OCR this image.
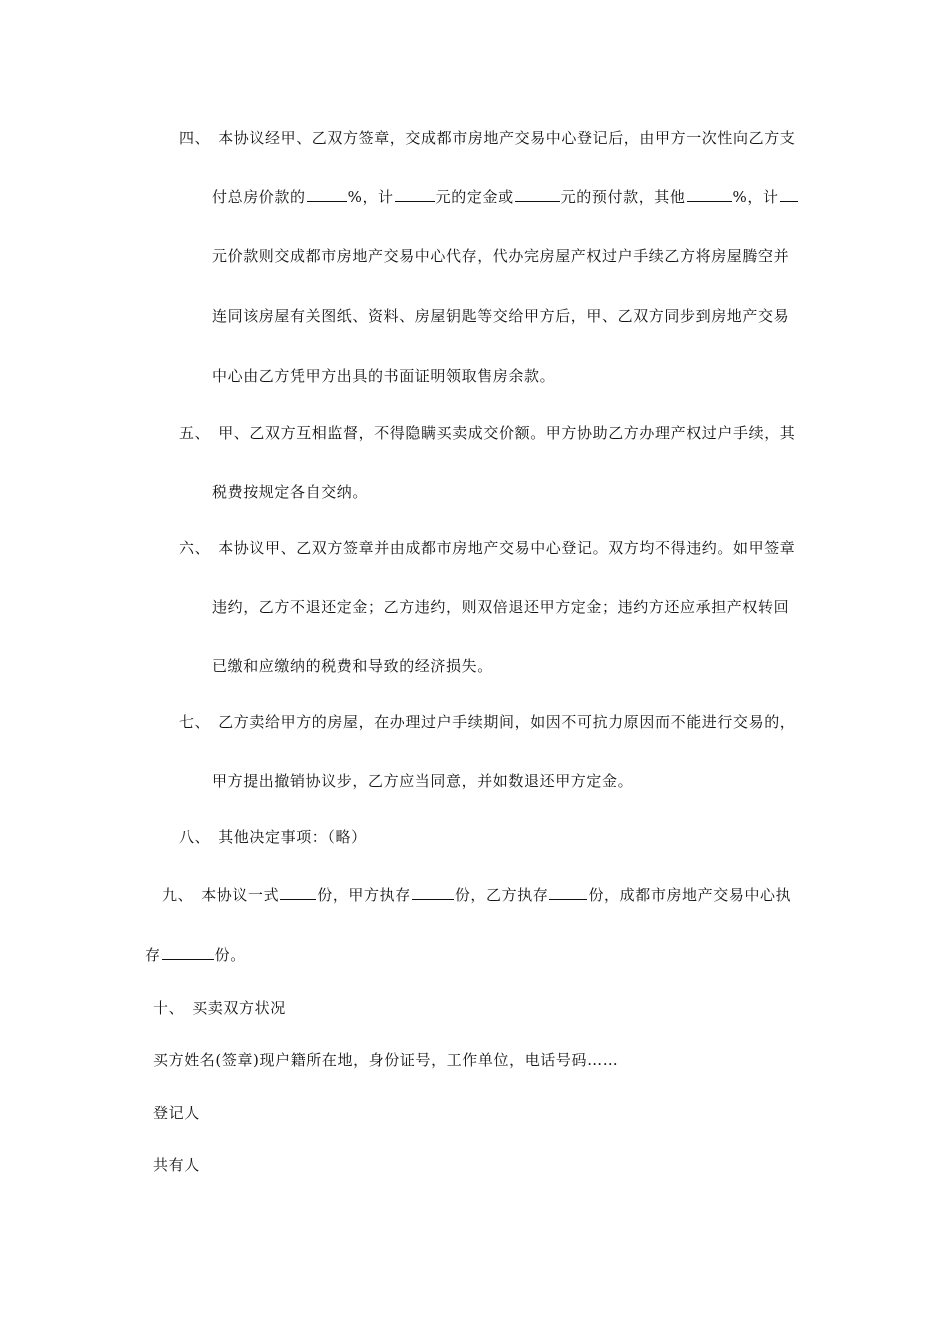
四、 本协议经甲、乙双方签章，交成都市房地产交易中心登记后，由甲方一次性向乙方支
付总房价款的	%，计	元的定金或	元的预付款，其他	%，计
元价款则交成都市房地产交易中心代存，代办完房屋产权过户手续乙方将房屋腾空并
连同该房屋有关图纸、资料、房屋钥匙等交给甲方后，甲、乙双方同步到房地产交易
中心由乙方凭甲方出具的书面证明领取售房余款。
五、 甲、乙双方互相监督，不得隐瞒买卖成交价额。甲方协助乙方办理产权过户手续，其
税费按规定各自交纳。
六、 本协议甲、乙双方签章并由成都市房地产交易中心登记。双方均不得违约。如甲签章
违约，乙方不退还定金；乙方违约，则双倍退还甲方定金；违约方还应承担产权转回
已缴和应缴纳的税费和导致的经济损失。
七、 乙方卖给甲方的房屋，在办理过户手续期间，如因不可抗力原因而不能进行交易的，
甲方提出撤销协议步，乙方应当同意，并如数退还甲方定金。
八、 其他决定事项：（略）
九、 本协议一式	份，甲方执存	份，乙方执存	份，成都市房地产交易中心执
存	份。
十、 买卖双方状况
买方姓名(签章)现户籍所在地，身份证号，工作单位，电话号码……
登记人
共有人
